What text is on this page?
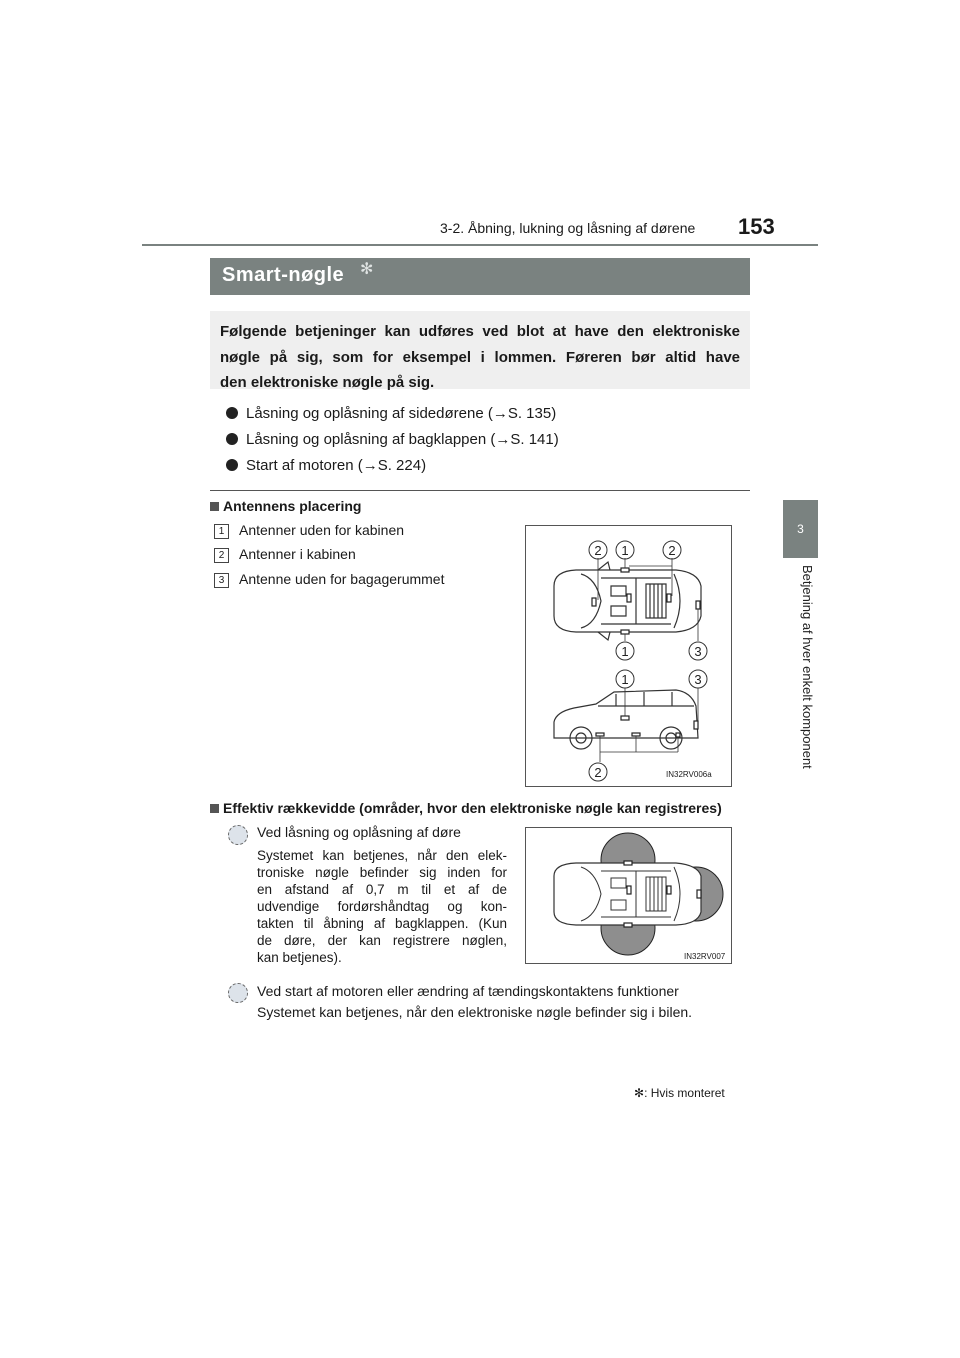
3-2. Åbning, lukning og låsning af dørene 153
3
Betjening af hver enkelt komponent
Smart-nøgle ✻

Følgende betjeninger kan udføres ved blot at have den elektroniske

nøgle på sig, som for eksempel i lommen. Føreren bør altid have

den elektroniske nøgle på sig.

Låsning og oplåsning af sidedørene (→S. 135)
Låsning og oplåsning af bagklappen (→S. 141)
Start af motoren (→S. 224)
Antennens placering
1 Antenner uden for kabinen
2 Antenner i kabinen
3 Antenne uden for bagagerummet
2 1	2
1	3
1	3
2	IN32RV006a
Effektiv rækkevidde (områder, hvor den elektroniske nøgle kan registreres)
Ved låsning og oplåsning af døre
Systemet kan betjenes, når den elek-
troniske nøgle befinder sig inden for
en afstand af 0,7 m til et af de
udvendige fordørshåndtag og kon-
takten til åbning af bagklappen. (Kun
de døre, der kan registrere nøglen,
kan betjenes).	IN32RV007
Ved start af motoren eller ændring af tændingskontaktens funktioner
Systemet kan betjenes, når den elektroniske nøgle befinder sig i bilen.
✻: Hvis monteret
